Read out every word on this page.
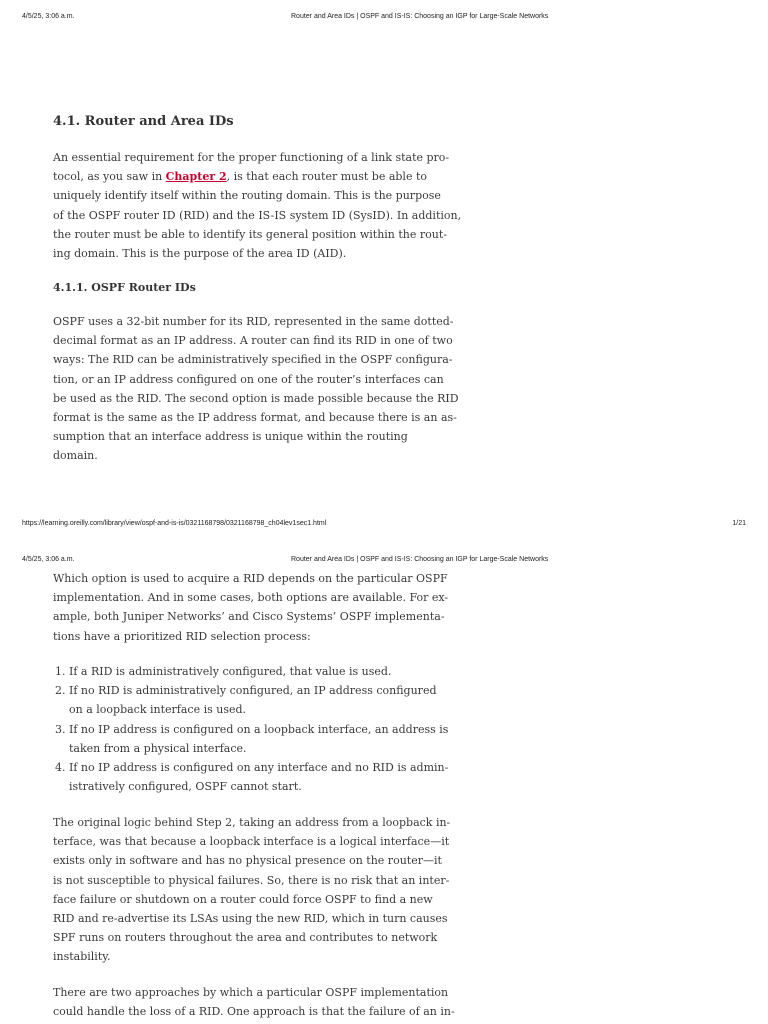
4/5/25, 3:06 a.m.	Router and Area IDs | OSPF and IS-IS: Choosing an IGP for Large-Scale Networks
4.1. Router and Area IDs

An essential requirement for the proper functioning of a link state pro-
tocol, as you saw in Chapter 2, is that each router must be able to
uniquely identify itself within the routing domain. This is the purpose
of the OSPF router ID (RID) and the IS-IS system ID (SysID). In addition,
the router must be able to identify its general position within the rout-
ing domain. This is the purpose of the area ID (AID).

4.1.1. OSPF Router IDs

OSPF uses a 32-bit number for its RID, represented in the same dotted-
decimal format as an IP address. A router can find its RID in one of two
ways: The RID can be administratively specified in the OSPF configura-
tion, or an IP address configured on one of the router’s interfaces can
be used as the RID. The second option is made possible because the RID
format is the same as the IP address format, and because there is an as-
sumption that an interface address is unique within the routing
domain.

https://learning.oreilly.com/library/view/ospf-and-is-is/0321168798/0321168798_ch04lev1sec1.html	1/21
4/5/25, 3:06 a.m.	Router and Area IDs | OSPF and IS-IS: Choosing an IGP for Large-Scale Networks

Which option is used to acquire a RID depends on the particular OSPF
implementation. And in some cases, both options are available. For ex-
ample, both Juniper Networks’ and Cisco Systems’ OSPF implementa-
tions have a prioritized RID selection process:

1. If a RID is administratively configured, that value is used.
2. If no RID is administratively configured, an IP address configured
on a loopback interface is used.
3. If no IP address is configured on a loopback interface, an address is
taken from a physical interface.
4. If no IP address is configured on any interface and no RID is admin-
istratively configured, OSPF cannot start.

The original logic behind Step 2, taking an address from a loopback in-
terface, was that because a loopback interface is a logical interface—it
exists only in software and has no physical presence on the router—it
is not susceptible to physical failures. So, there is no risk that an inter-
face failure or shutdown on a router could force OSPF to find a new
RID and re-advertise its LSAs using the new RID, which in turn causes
SPF runs on routers throughout the area and contributes to network
instability.

There are two approaches by which a particular OSPF implementation
could handle the loss of a RID. One approach is that the failure of an in-
